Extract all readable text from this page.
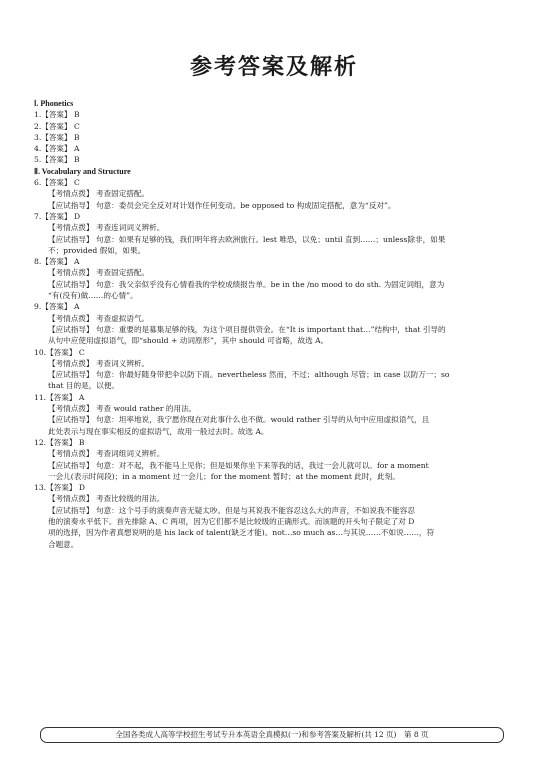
参考答案及解析
Ⅰ. Phonetics
1.【答案】 B
2.【答案】 C
3.【答案】 B
4.【答案】 A
5.【答案】 B
Ⅱ. Vocabulary and Structure
6.【答案】 C
【考情点拨】 考查固定搭配。
【应试指导】 句意：委员会完全反对对计划作任何变动。be opposed to 构成固定搭配，意为“反对”。
7.【答案】 D
【考情点拨】 考查连词词义辨析。
【应试指导】 句意：如果有足够的钱，我们明年将去欧洲旅行。lest 唯恐，以免；until 直到……；unless除非，如果
不；provided 假如，如果。
8.【答案】 A
【考情点拨】 考查固定搭配。
【应试指导】 句意：我父亲似乎没有心情看我的学校成绩报告单。be in the /no mood to do sth. 为固定词组，意为
“有(没有)做……的心情”。
9.【答案】 A
【考情点拨】 考查虚拟语气。
【应试指导】 句意：重要的是募集足够的钱，为这个项目提供资金。在“It is important that…”结构中，that 引导的
从句中应使用虚拟语气，即“should + 动词原形”，其中 should 可省略，故选 A。
10.【答案】 C
【考情点拨】 考查词义辨析。
【应试指导】 句意：你最好随身带把伞以防下雨。nevertheless 然而，不过；although 尽管；in case 以防万一；so
that 目的是，以便。
11.【答案】 A
【考情点拨】 考查 would rather 的用法。
【应试指导】 句意：坦率地说，我宁愿你现在对此事什么也不做。would rather 引导的从句中应用虚拟语气，且
此处表示与现在事实相反的虚拟语气，故用一般过去时。故选 A。
12.【答案】 B
【考情点拨】 考查词组词义辨析。
【应试指导】 句意：对不起，我不能马上见你；但是如果你坐下来等我的话，我过一会儿就可以。for a moment
一会儿(表示时间段)；in a moment 过一会儿；for the moment 暂时；at the moment 此时，此刻。
13.【答案】 D
【考情点拨】 考查比较级的用法。
【应试指导】 句意：这个号手的演奏声音无疑太吵。但是与其说我不能容忍这么大的声音，不如说我不能容忍
他的演奏水平低下。首先排除 A、C 两项，因为它们都不是比较级的正确形式。而该题的开头句子限定了对 D
项的选择，因为作者真想说明的是 his lack of talent(缺乏才能)。not…so much as…与其说……不如说……，符
合题意。
全国各类成人高等学校招生考试专升本英语全真模拟(一)和参考答案及解析(共 12 页)　第 8 页
